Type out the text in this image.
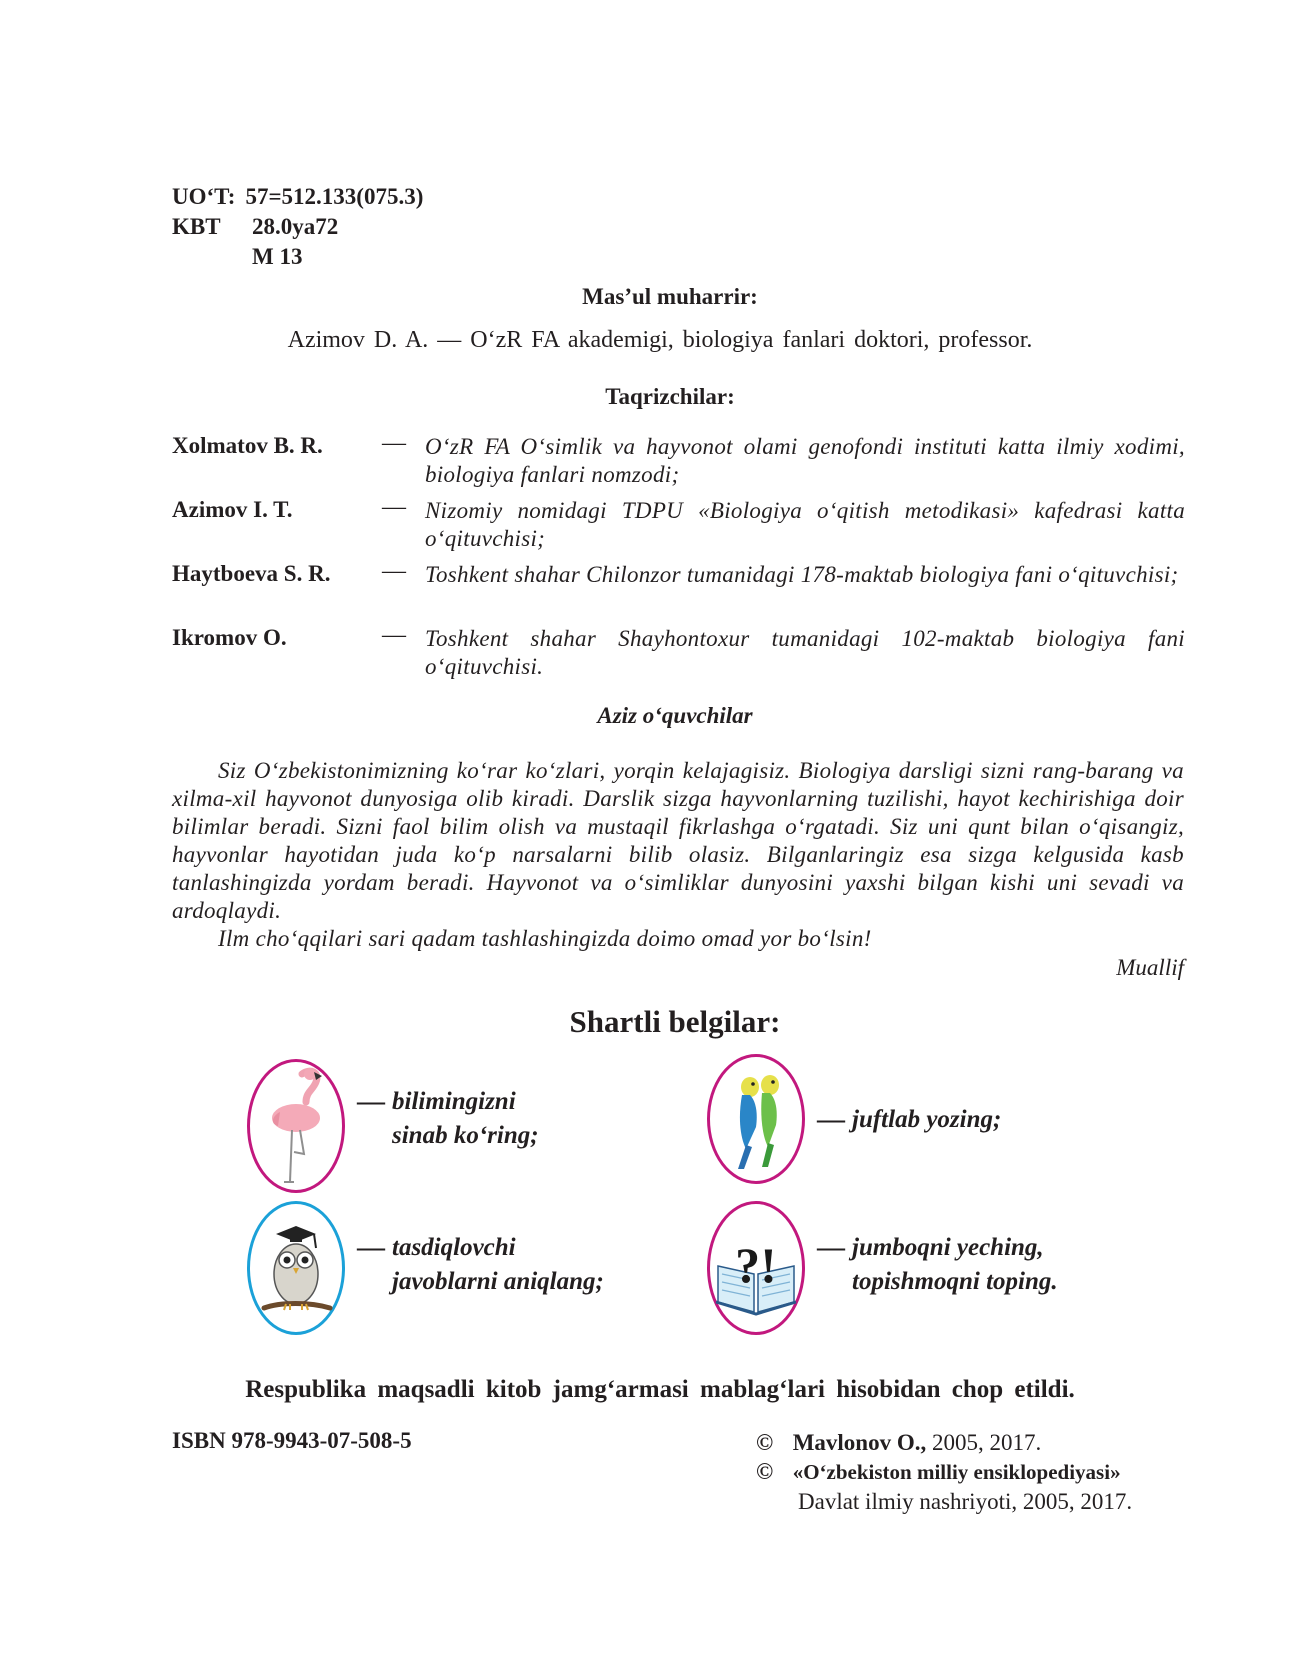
UO‘T: 57=512.133(075.3)
KBT 28.0ya72
M 13
Mas’ul muharrir:
Azimov D. A. — O‘zR FA akademigi, biologiya fanlari doktori, professor.
Taqrizchilar:
Xolmatov B. R. — O‘zR FA O‘simlik va hayvonot olami genofondi instituti katta ilmiy xodimi, biologiya fanlari nomzodi;
Azimov I. T.	— Nizomiy nomidagi TDPU «Biologiya o‘qitish metodikasi» kafedrasi katta o‘qituvchisi;
Haytboeva S. R. — Toshkent shahar Chilonzor tumanidagi 178-maktab biologiya fani o‘qituvchisi;
Ikromov O.	— Toshkent shahar Shayhontoxur tumanidagi 102-maktab biologiya fani o‘qituvchisi.
Aziz o‘quvchilar

Siz O‘zbekistonimizning ko‘rar ko‘zlari, yorqin kelajagisiz. Biologiya darsligi sizni rang-barang va xilma-xil hayvonot dunyosiga olib kiradi. Darslik sizga hayvonlarning tuzilishi, hayot kechirishiga doir bilimlar beradi. Sizni faol bilim olish va mustaqil fikrlashga o‘rgatadi. Siz uni qunt bilan o‘qisangiz, hayvonlar hayotidan juda ko‘p narsalarni bilib olasiz. Bilganlaringiz esa sizga kelgusida kasb tanlashingizda yordam beradi. Hayvonot va o‘simliklar dunyosini yaxshi bilgan kishi uni sevadi va ardoqlaydi.

Ilm cho‘qqilari sari qadam tashlashingizda doimo omad yor bo‘lsin!

Muallif
Shartli belgilar:
— bilimingizni
sinab ko‘ring;
— juftlab yozing;
— tasdiqlovchi
javoblarni aniqlang;	?! — jumboqni yeching,
topishmoqni toping.
Respublika maqsadli kitob jamg‘armasi mablag‘lari hisobidan chop etildi.
ISBN 978-9943-07-508-5	© Mavlonov O., 2005, 2017.
© «O‘zbekiston milliy ensiklopediyasi»
Davlat ilmiy nashriyoti, 2005, 2017.
